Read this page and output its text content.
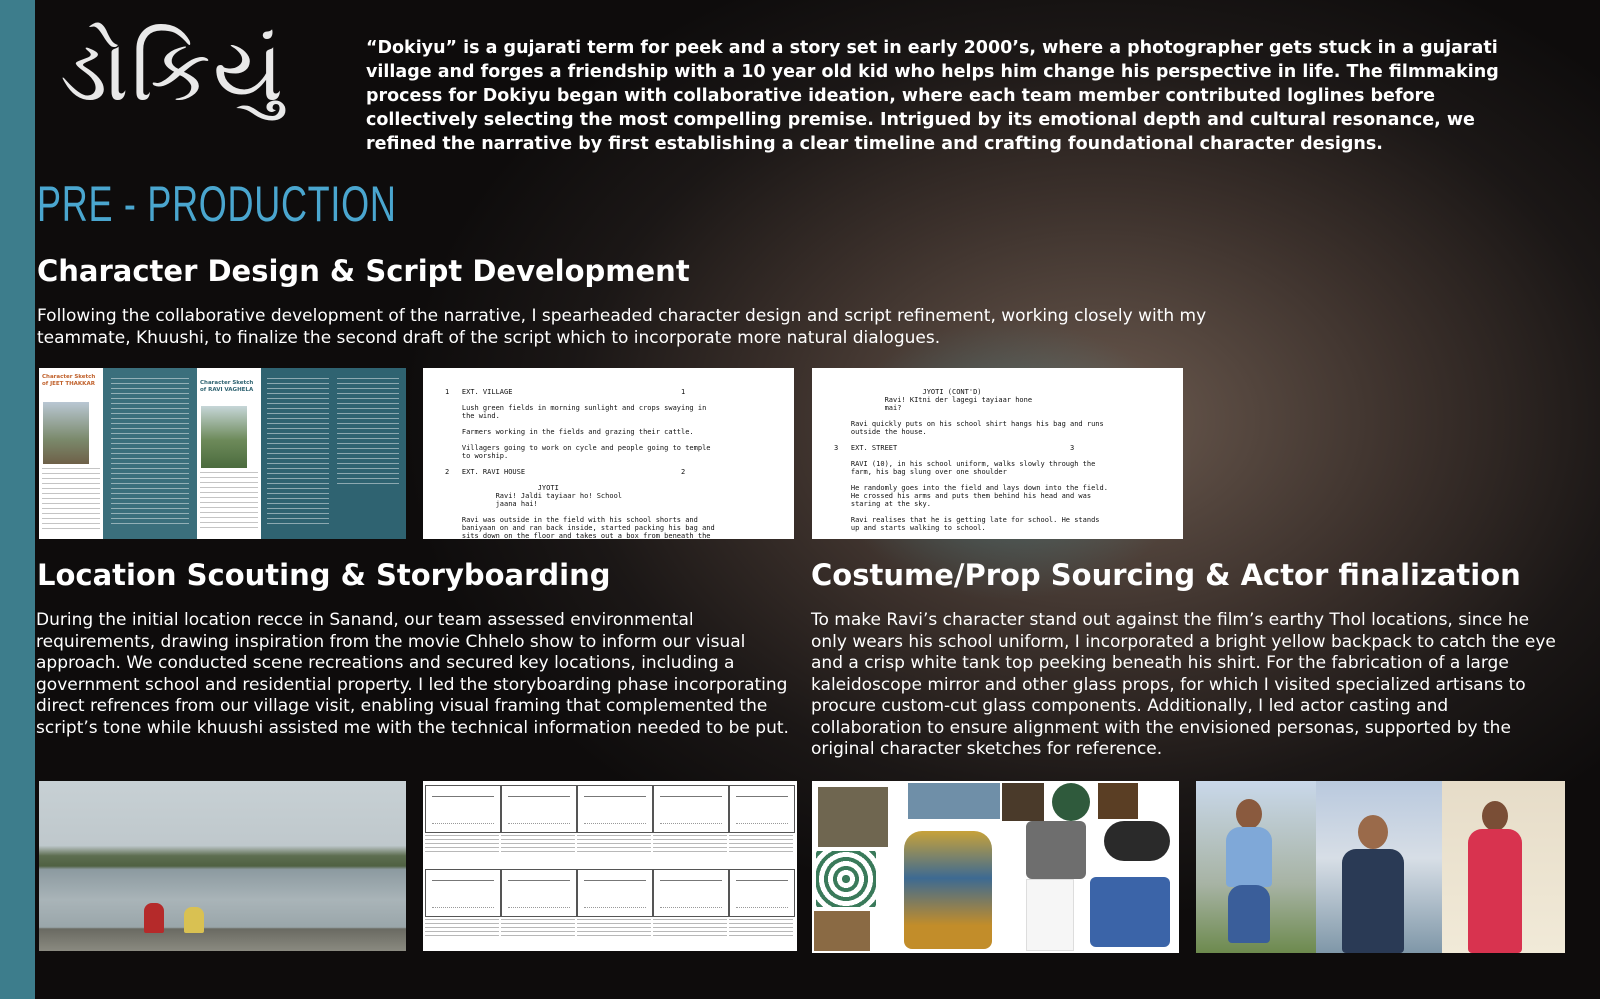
ડોકિયું
PRE - PRODUCTION

“Dokiyu” is a gujarati term for peek and a story set in early 2000’s, where a photographer gets stuck in a gujarati village and forges a friendship with a 10 year old kid who helps him change his perspective in life. The filmmaking process for Dokiyu began with collaborative ideation, where each team member contributed loglines before collectively selecting the most compelling premise. Intrigued by its emotional depth and cultural resonance, we refined the narrative by first establishing a clear timeline and crafting foundational character designs.

Character Design & Script Development

Following the collaborative development of the narrative, I spearheaded character design and script refinement, working closely with my teammate, Khuushi, to finalize the second draft of the script which to incorporate more natural dialogues.

Character Sketch of JEET THAKKAR	Character Sketch of RAVI VAGHELA

	1   EXT. VILLAGE                                        1

Lush green fields in morning sunlight and crops swaying in
the wind.

Farmers working in the fields and grazing their cattle.

Villagers going to work on cycle and people going to temple
to worship.

2   EXT. RAVI HOUSE                                     2

JYOTI
Ravi! Jaldi tayiaar ho! School
jaana hai!

Ravi was outside in the field with his school shorts and
baniyaan on and ran back inside, started packing his bag and
sits down on the floor and takes out a box from beneath the

JYOTI (CONT'D)
Ravi! KItni der lagegi tayiaar hone
mai?

Ravi quickly puts on his school shirt hangs his bag and runs
outside the house.

3   EXT. STREET                                         3

RAVI (10), in his school uniform, walks slowly through the
farm, his bag slung over one shoulder

He randomly goes into the field and lays down into the field.
He crossed his arms and puts them behind his head and was
staring at the sky.

Ravi realises that he is getting late for school. He stands
up and starts walking to school.

Location Scouting & Storyboarding

During the initial location recce in Sanand, our team assessed environmental requirements, drawing inspiration from the movie Chhelo show to inform our visual approach. We conducted scene recreations and secured key locations, including a government school and residential property. I led the storyboarding phase incorporating direct refrences from our village visit, enabling visual framing that complemented the script’s tone while khuushi assisted me with the technical information needed to be put.

Costume/Prop Sourcing & Actor finalization

To make Ravi’s character stand out against the film’s earthy Thol locations, since he only wears his school uniform, I incorporated a bright yellow backpack to catch the eye and a crisp white tank top peeking beneath his shirt. For the fabrication of a large kaleidoscope mirror and other glass props, for which I visited specialized artisans to procure custom-cut glass components. Additionally, I led actor casting and collaboration to ensure alignment with the envisioned personas, supported by the original character sketches for reference.
